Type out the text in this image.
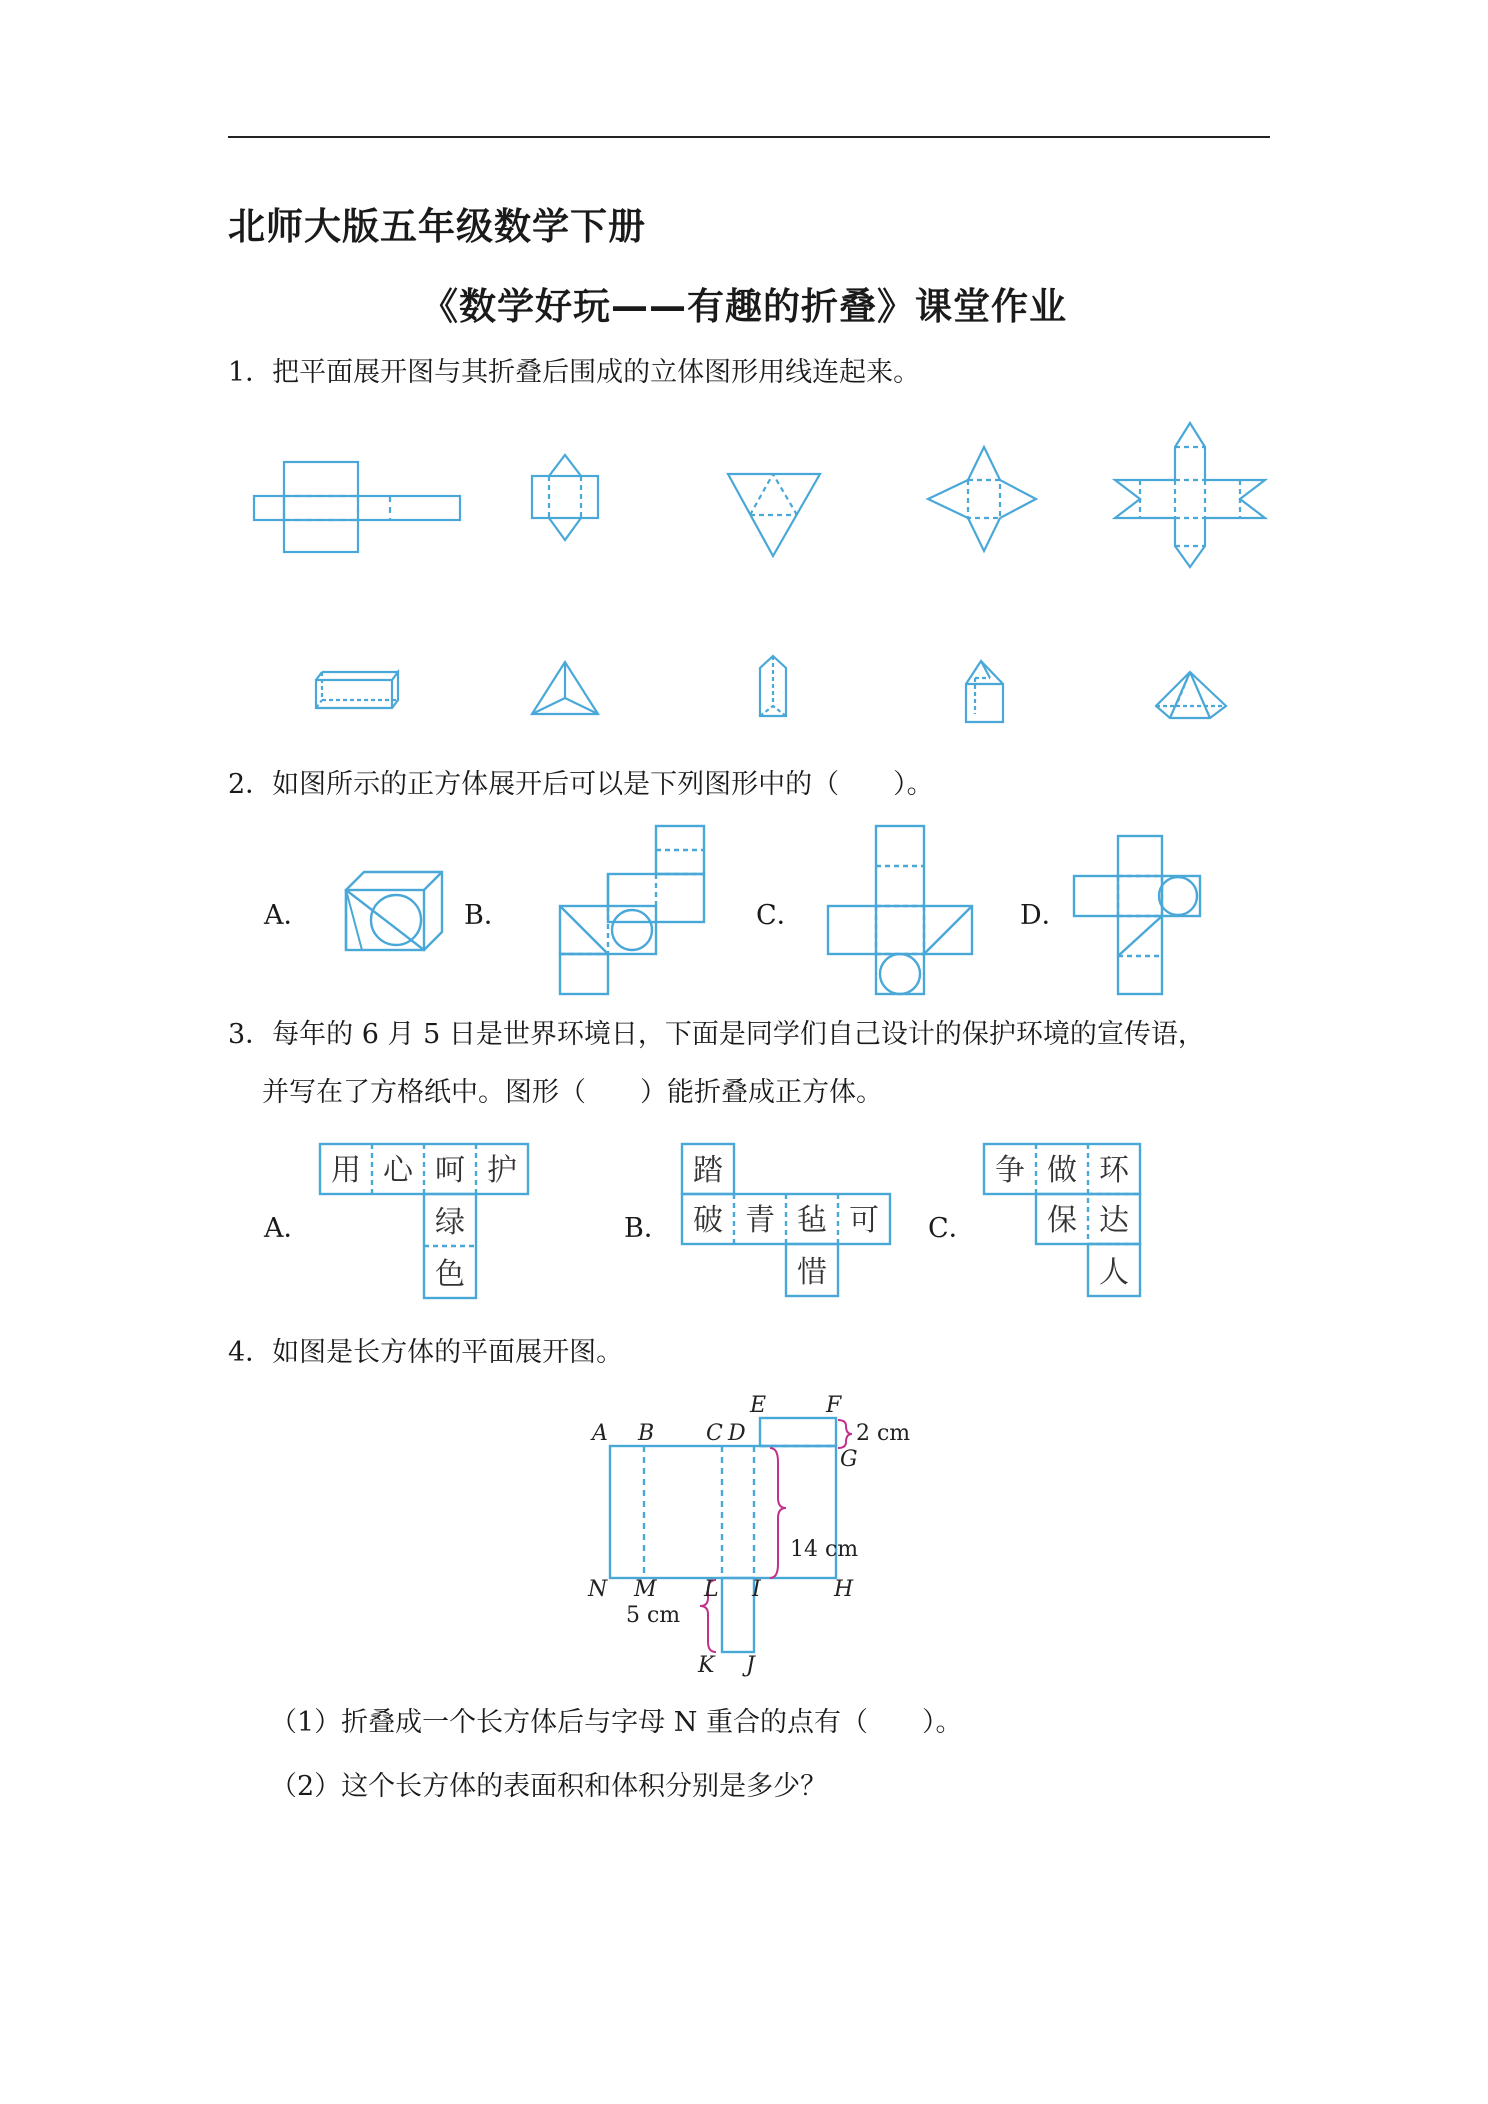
北师大版五年级数学下册
《数学好玩——有趣的折叠》课堂作业
1．把平面展开图与其折叠后围成的立体图形用线连起来。
2．如图所示的正方体展开后可以是下列图形中的（　　）。
A．	B．	C．	D．
3．每年的 6 月 5 日是世界环境日，下面是同学们自己设计的保护环境的宣传语，
并写在了方格纸中。图形（　　）能折叠成正方体。
A．	B．	C．
用 心 呵 护
绿
色
踏
破 青 毡 可
惜
争 做 环
保 达
人
4．如图是长方体的平面展开图。
A B C D
E	F
G
H
I
J
K
L
M
N
2 cm
14 cm
5 cm
（1）折叠成一个长方体后与字母 N 重合的点有（　　）。
（2）这个长方体的表面积和体积分别是多少？
